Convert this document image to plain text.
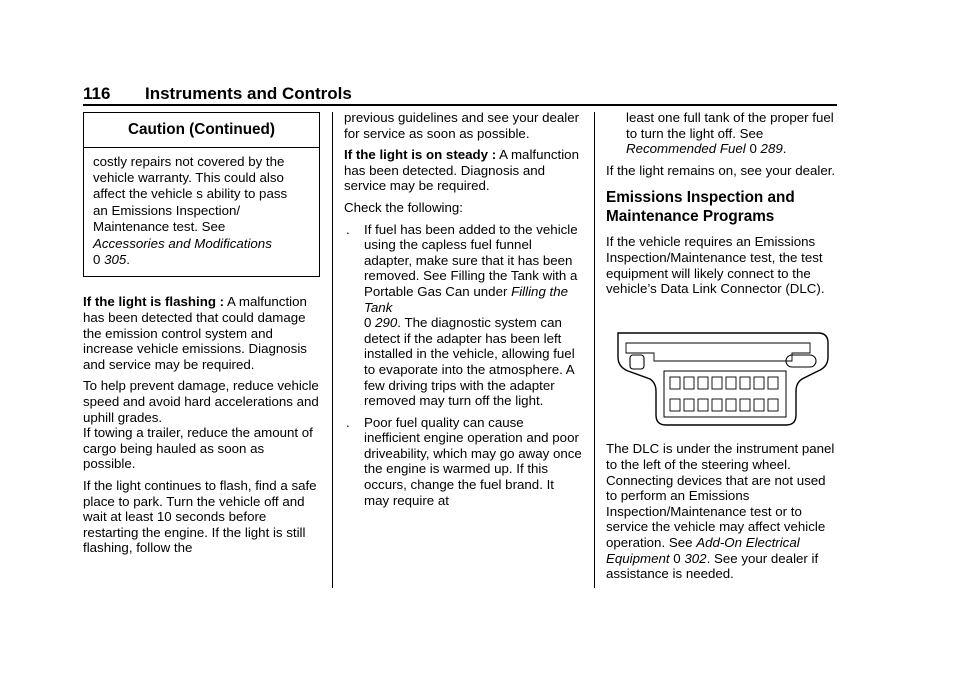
116 Instruments and Controls
Caution (Continued)
costly repairs not covered by the
vehicle warranty. This could also
affect the vehicle s ability to pass
an Emissions Inspection/
Maintenance test. See
Accessories and Modifications
0 305.

If the light is flashing : A malfunction has been detected that could damage the emission control system and increase vehicle emissions. Diagnosis and service may be required.

To help prevent damage, reduce vehicle speed and avoid hard accelerations and uphill grades.
If towing a trailer, reduce the amount of cargo being hauled as soon as possible.

If the light continues to flash, find a safe place to park. Turn the vehicle off and wait at least 10 seconds before restarting the engine. If the light is still flashing, follow the

previous guidelines and see your dealer for service as soon as possible.

If the light is on steady : A malfunction has been detected. Diagnosis and service may be required.

Check the following:

. If fuel has been added to the vehicle using the capless fuel funnel adapter, make sure that it has been removed. See Filling the Tank with a Portable Gas Can under Filling the Tank
0 290. The diagnostic system can detect if the adapter has been left installed in the vehicle, allowing fuel to evaporate into the atmosphere. A few driving trips with the adapter removed may turn off the light.
. Poor fuel quality can cause inefficient engine operation and poor driveability, which may go away once the engine is warmed up. If this occurs, change the fuel brand. It may require at

least one full tank of the proper fuel to turn the light off. See
Recommended Fuel 0 289.

If the light remains on, see your dealer.

Emissions Inspection and Maintenance Programs

If the vehicle requires an Emissions Inspection/Maintenance test, the test equipment will likely connect to the vehicle’s Data Link Connector (DLC).

The DLC is under the instrument panel to the left of the steering wheel. Connecting devices that are not used to perform an Emissions Inspection/Maintenance test or to service the vehicle may affect vehicle operation. See Add-On Electrical Equipment 0 302. See your dealer if assistance is needed.
